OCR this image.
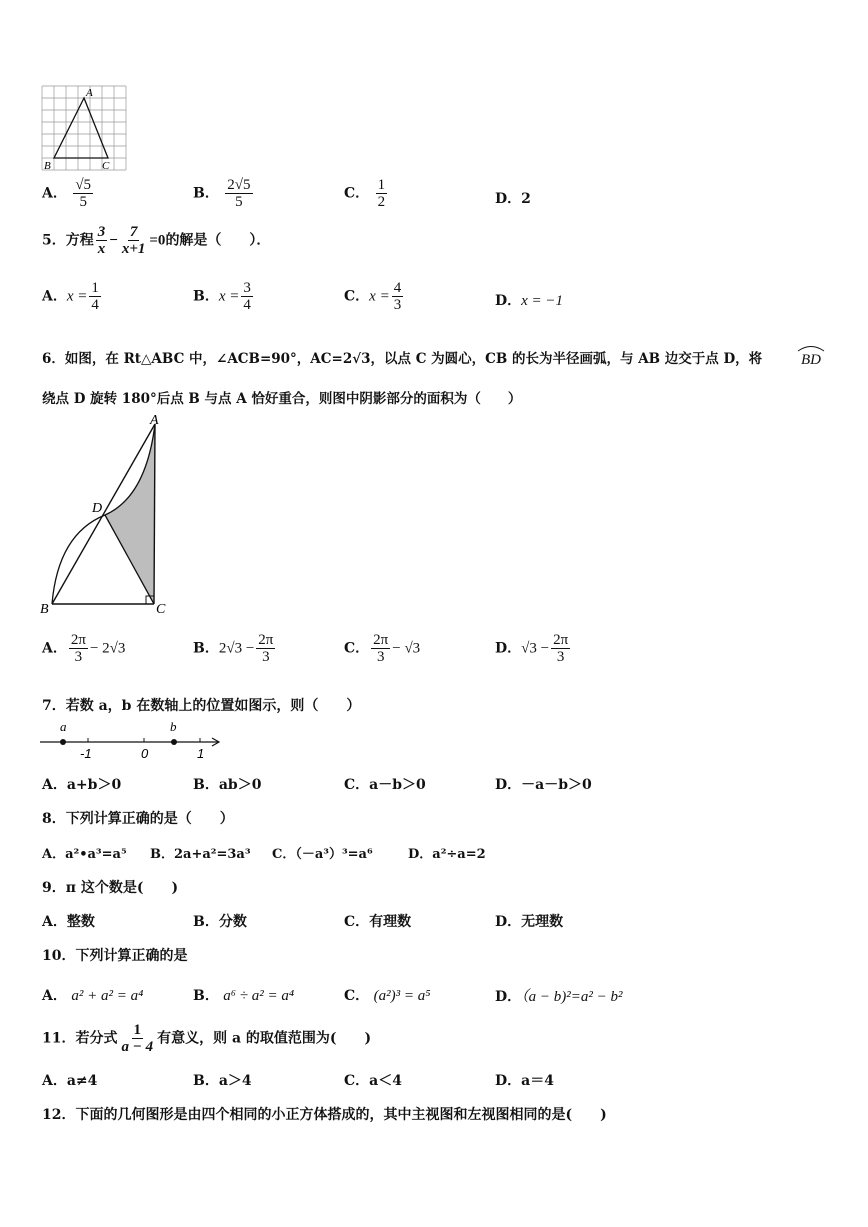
A
B	C
A． $\frac{√5}{5}$	B． $\frac{2√5}{5}$	C． $\frac{1}{2}$	D．2
5．方程 $\frac{3}{x} - \frac{7}{x+1} =0$的解是（　　）．
A．$x = \frac{1}{4}$	B．$x = \frac{3}{4}$	C．$x = \frac{4}{3}$	D．x = −1
6．如图，在 Rt△ABC 中，∠ACB=90°，AC=2√3，以点 C 为圆心，CB 的长为半径画弧，与 AB 边交于点 D，将	BD
绕点 D 旋转 180°后点 B 与点 A 恰好重合，则图中阴影部分的面积为（　　）
A
D
B	C
A． $\frac{2\pi}{3} - 2√3$	B．$2√3 - \frac{2\pi}{3}$	C． $\frac{2\pi}{3} - √3$	D．$√3 - \frac{2\pi}{3}$
7．若数 a，b 在数轴上的位置如图示，则（　　）
a	b
-1	0	1
A．a+b＞0	B．ab＞0	C．a－b＞0	D．－a－b＞0
8．下列计算正确的是（　　）
A．a²•a³=a⁵ B．2a+a²=3a³ C．（－a³）³=a⁶	D．a²÷a=2
9．π 这个数是(　　)
A．整数	B．分数	C．有理数	D．无理数
10．下列计算正确的是
A． a² + a² = a⁴	B． a⁶ ÷ a² = a⁴	C． (a²)³ = a⁵	D．（a − b)²=a² − b²
11．若分式 $\frac{1}{a - 4}$ 有意义，则 a 的取值范围为(　　)
A．a≠4	B．a＞4	C．a＜4	D．a＝4
12．下面的几何图形是由四个相同的小正方体搭成的，其中主视图和左视图相同的是(　　)
